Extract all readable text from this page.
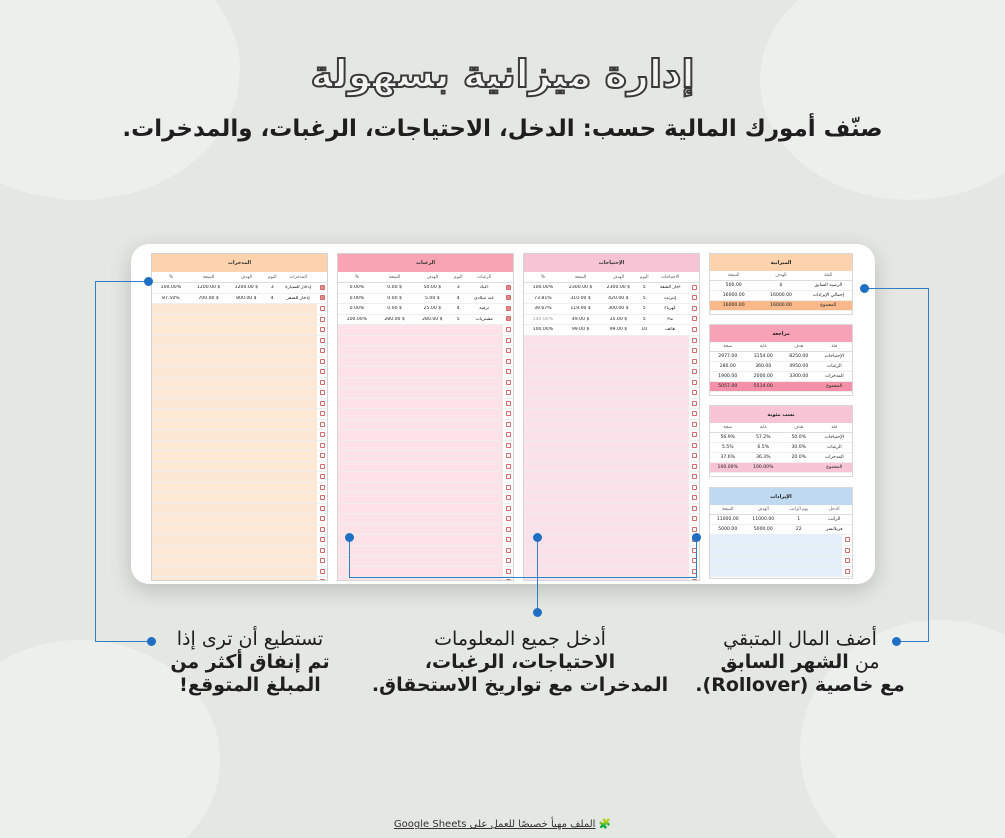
إدارة ميزانية بسهولة
صنّف أمورك المالية حسب: الدخل، الاحتياجات، الرغبات، والمدخرات.
المدخرات
المدخرات
اليوم
الهدف
النتيجة
%
إدخار للسيارة
3
$ 1200.00
$ 1200.00
100.00%
إدخار للسفر
4
$ 800.00
$ 700.00
87.50%
الرغبات
الرغبات
اليوم
الهدف
النتيجة
%
أعياد
3
$ 50.00
$ 0.00
0.00%
عيد ميلادي
4
$ 5.00
$ 0.00
0.00%
ترفيه
4
$ 25.00
$ 0.00
0.00%
مشتريات
5
$ 280.00
$ 280.00
100.00%
الإحتياجات
الاحتياجات
اليوم
الهدف
النتيجة
%
أجار الشقة
5
$ 2300.00
$ 2300.00
100.00%
إنترنت
5
$ 420.00
$ 310.00
73.81%
كهرباء
5
$ 300.00
$ 119.00
39.67%
ماء
5
$ 35.00
$ 49.00
140.00%
هاتف
10
$ 99.00
$ 99.00
100.00%
الميزانية
الفئة
الهدف
النتيجة
الرصيد السابق
$
500.00
إجمالي الإيرادات
16000.00
16000.00
المجموع
16000.00
16000.00
مراجعة
فئة
هدف
غاية
نتيجة
الإحتياجات
8250.00
3154.00
2977.00
الرغبات
4950.00
360.00
280.00
المدخرات
3300.00
2000.00
1900.00
المجموع
5514.00
5057.00
نسب مئوية
فئة
هدف
غاية
نتيجة
الإحتياجات
50.0%
57.2%
56.9%
الرغبات
30.0%
6.5%
5.5%
المدخرات
20.0%
36.3%
37.6%
المجموع
100.00%
100.00%
الإيرادات
الدخل
يوم الراتب
الهدف
النتيجة
الراتب
1
11000.00
11000.00
فريلانسر
22
5000.00
5000.00
تستطيع أن ترى إذا
تم إنفاق أكثر من
المبلغ المتوقع!
أدخل جميع المعلومات
الاحتياجات، الرغبات،
المدخرات مع تواريخ الاستحقاق.
أضف المال المتبقي
من الشهر السابق
مع خاصية (Rollover).
🧩 الملف مهيأ خصيصًا للعمل على Google Sheets
